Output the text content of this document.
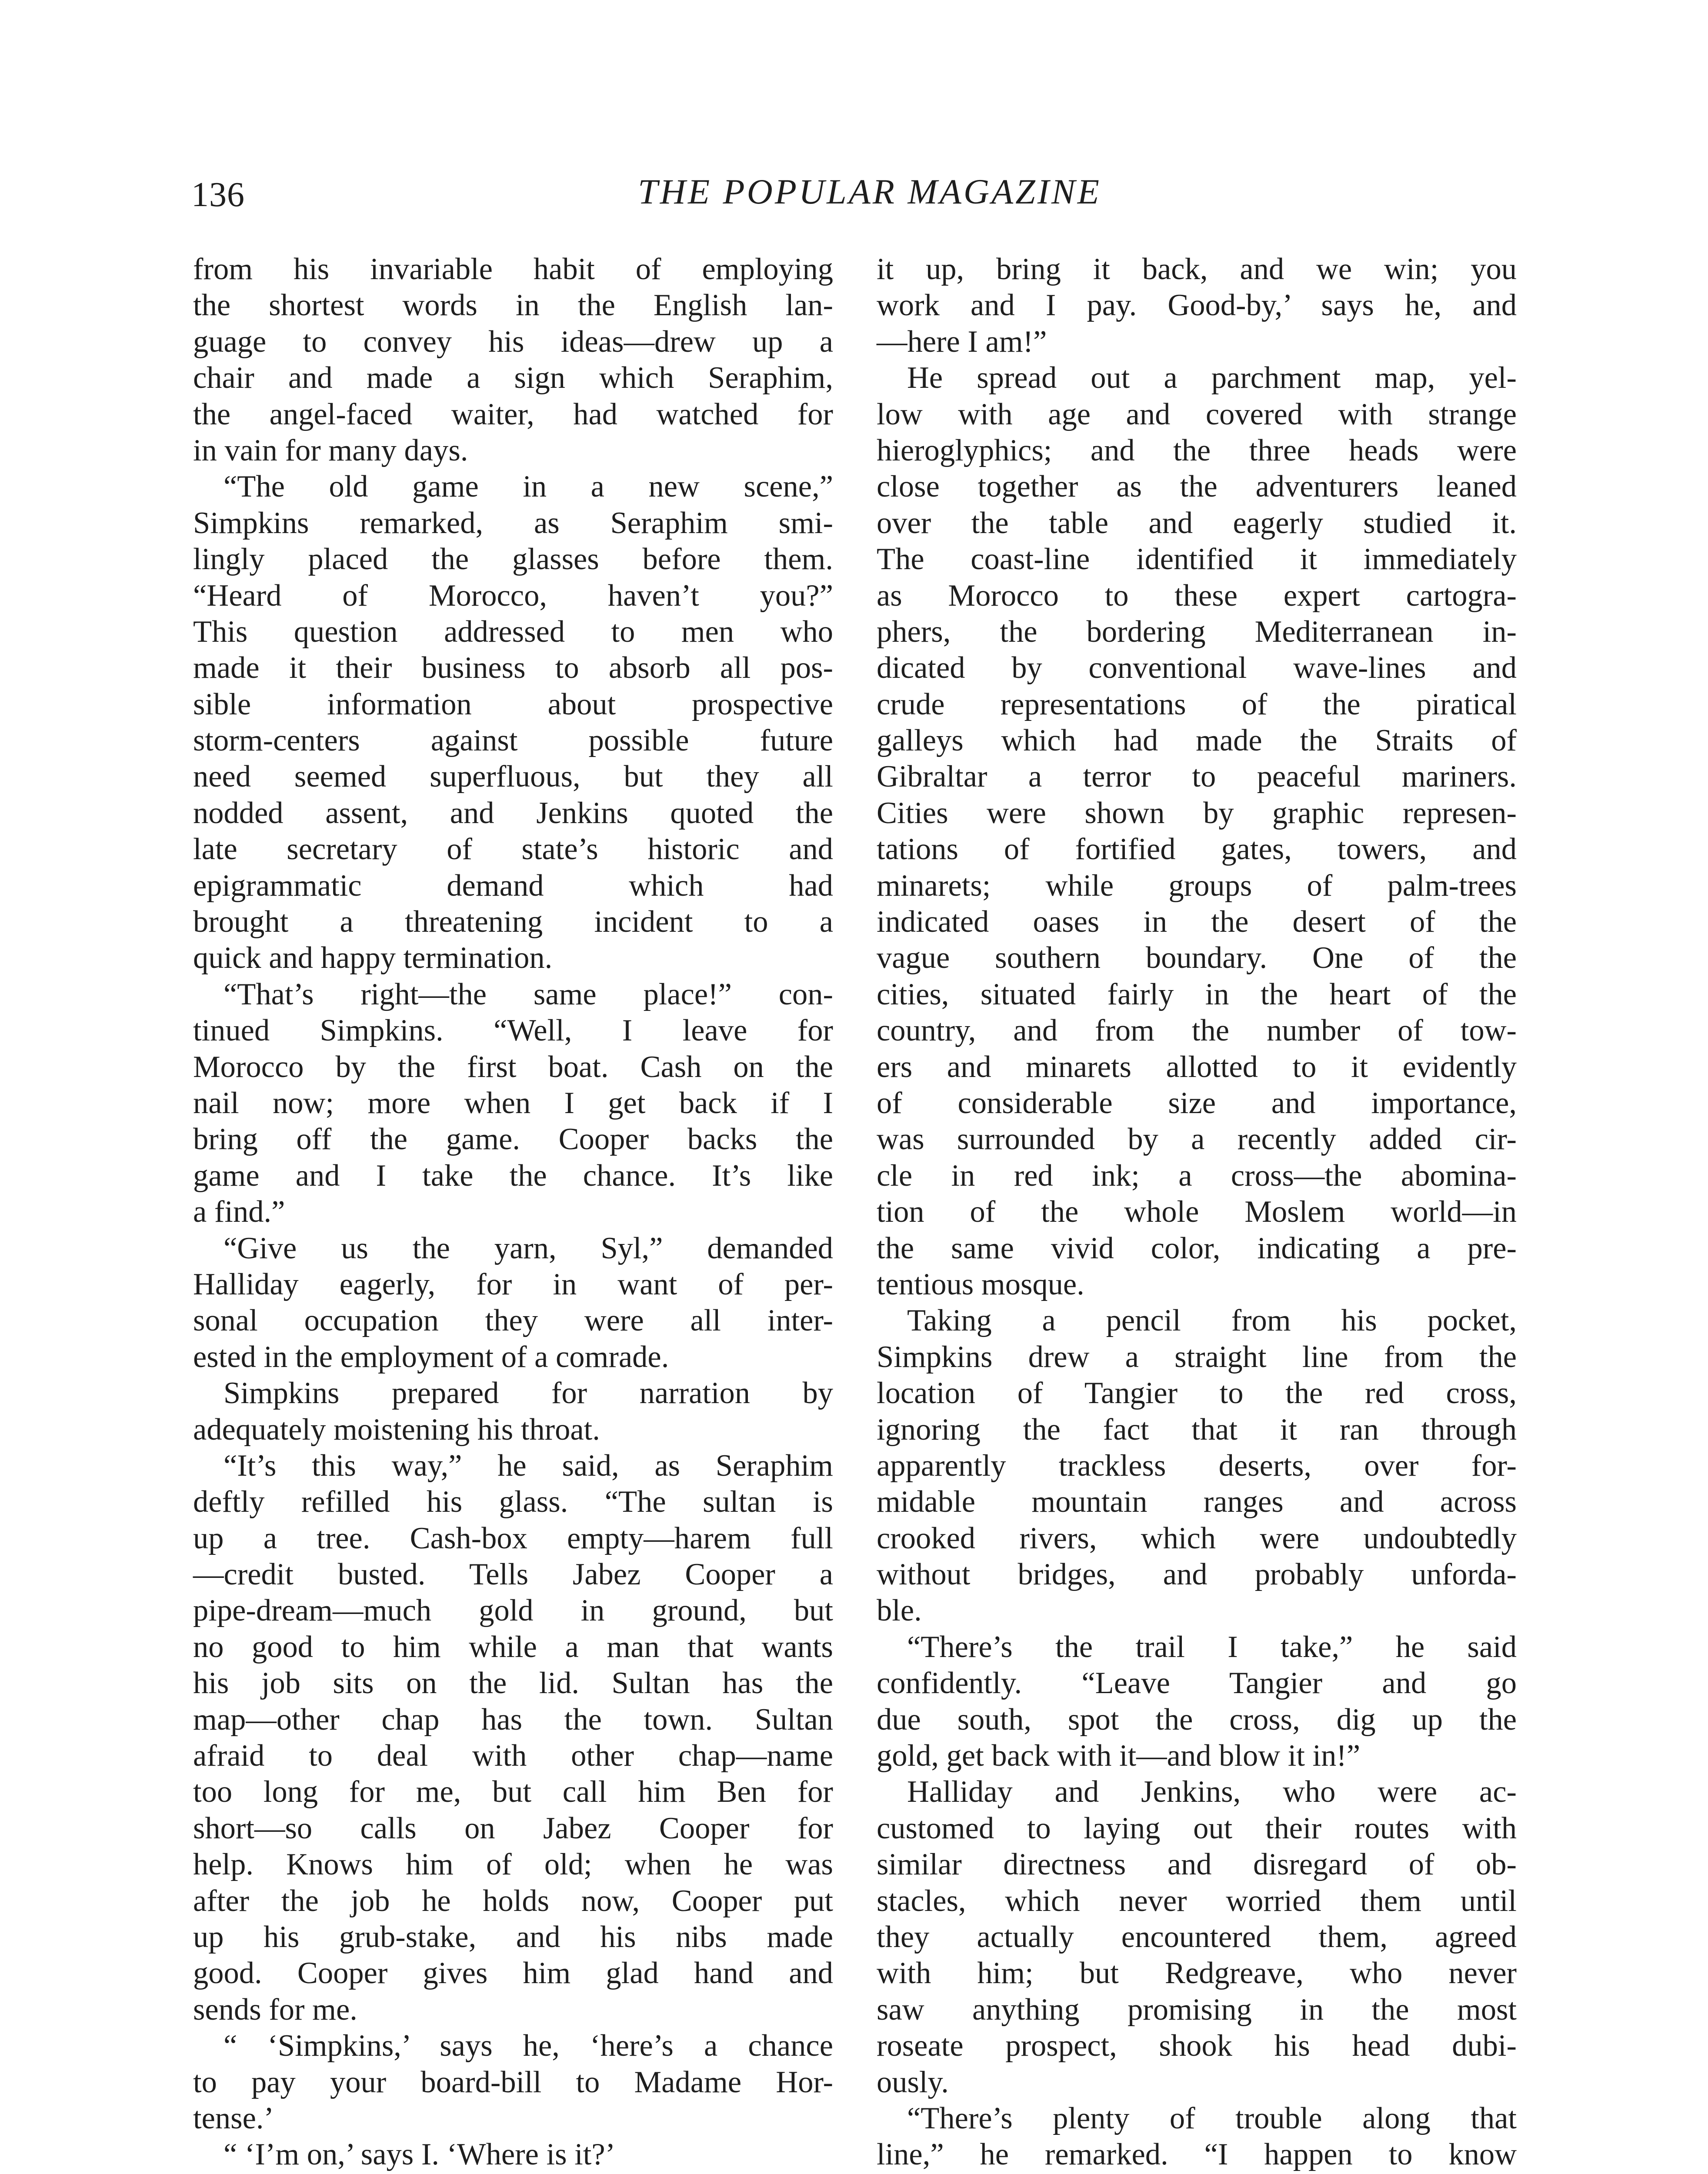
136	THE POPULAR MAGAZINE
from his invariable habit of employing
the shortest words in the English lan-
guage to convey his ideas—drew up a
chair and made a sign which Seraphim,
the angel-faced waiter, had watched for
in vain for many days.
“The old game in a new scene,”
Simpkins remarked, as Seraphim smi-
lingly placed the glasses before them.
“Heard of Morocco, haven’t you?”
This question addressed to men who
made it their business to absorb all pos-
sible information about prospective
storm-centers against possible future
need seemed superfluous, but they all
nodded assent, and Jenkins quoted the
late secretary of state’s historic and
epigrammatic demand which had
brought a threatening incident to a
quick and happy termination.
“That’s right—the same place!” con-
tinued Simpkins. “Well, I leave for
Morocco by the first boat. Cash on the
nail now; more when I get back if I
bring off the game. Cooper backs the
game and I take the chance. It’s like
a find.”
“Give us the yarn, Syl,” demanded
Halliday eagerly, for in want of per-
sonal occupation they were all inter-
ested in the employment of a comrade.
Simpkins prepared for narration by
adequately moistening his throat.
“It’s this way,” he said, as Seraphim
deftly refilled his glass. “The sultan is
up a tree. Cash-box empty—harem full
—credit busted. Tells Jabez Cooper a
pipe-dream—much gold in ground, but
no good to him while a man that wants
his job sits on the lid. Sultan has the
map—other chap has the town. Sultan
afraid to deal with other chap—name
too long for me, but call him Ben for
short—so calls on Jabez Cooper for
help. Knows him of old; when he was
after the job he holds now, Cooper put
up his grub-stake, and his nibs made
good. Cooper gives him glad hand and
sends for me.
“ ‘Simpkins,’ says he, ‘here’s a chance
to pay your board-bill to Madame Hor-
tense.’
“ ‘I’m on,’ says I. ‘Where is it?’
it up, bring it back, and we win; you
work and I pay. Good-by,’ says he, and
—here I am!”
He spread out a parchment map, yel-
low with age and covered with strange
hieroglyphics; and the three heads were
close together as the adventurers leaned
over the table and eagerly studied it.
The coast-line identified it immediately
as Morocco to these expert cartogra-
phers, the bordering Mediterranean in-
dicated by conventional wave-lines and
crude representations of the piratical
galleys which had made the Straits of
Gibraltar a terror to peaceful mariners.
Cities were shown by graphic represen-
tations of fortified gates, towers, and
minarets; while groups of palm-trees
indicated oases in the desert of the
vague southern boundary. One of the
cities, situated fairly in the heart of the
country, and from the number of tow-
ers and minarets allotted to it evidently
of considerable size and importance,
was surrounded by a recently added cir-
cle in red ink; a cross—the abomina-
tion of the whole Moslem world—in
the same vivid color, indicating a pre-
tentious mosque.
Taking a pencil from his pocket,
Simpkins drew a straight line from the
location of Tangier to the red cross,
ignoring the fact that it ran through
apparently trackless deserts, over for-
midable mountain ranges and across
crooked rivers, which were undoubtedly
without bridges, and probably unforda-
ble.
“There’s the trail I take,” he said
confidently. “Leave Tangier and go
due south, spot the cross, dig up the
gold, get back with it—and blow it in!”
Halliday and Jenkins, who were ac-
customed to laying out their routes with
similar directness and disregard of ob-
stacles, which never worried them until
they actually encountered them, agreed
with him; but Redgreave, who never
saw anything promising in the most
roseate prospect, shook his head dubi-
ously.
“There’s plenty of trouble along that
line,” he remarked. “I happen to know
